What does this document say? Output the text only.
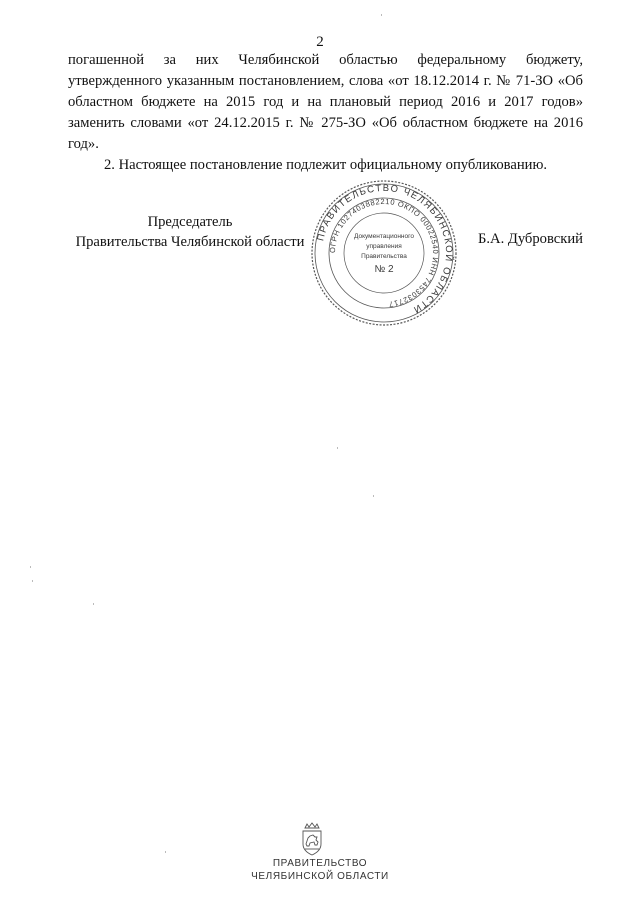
2

погашенной за них Челябинской областью федеральному бюджету, утвержденного указанным постановлением, слова «от 18.12.2014 г. № 71-ЗО «Об областном бюджете на 2015 год и на плановый период 2016 и 2017 годов» заменить словами «от 24.12.2015 г. № 275-ЗО «Об областном бюджете на 2016 год».

2. Настоящее постановление подлежит официальному опубликованию.

Председатель
Правительства Челябинской области	Б.А. Дубровский
ПРАВИТЕЛЬСТВО ЧЕЛЯБИНСКОЙ ОБЛАСТИ
ОГРН 1027403882210 ОКПО 00022540 ИНН 7453032717
Документационного
управления
Правительства
№ 2
ПРАВИТЕЛЬСТВО
ЧЕЛЯБИНСКОЙ ОБЛАСТИ
